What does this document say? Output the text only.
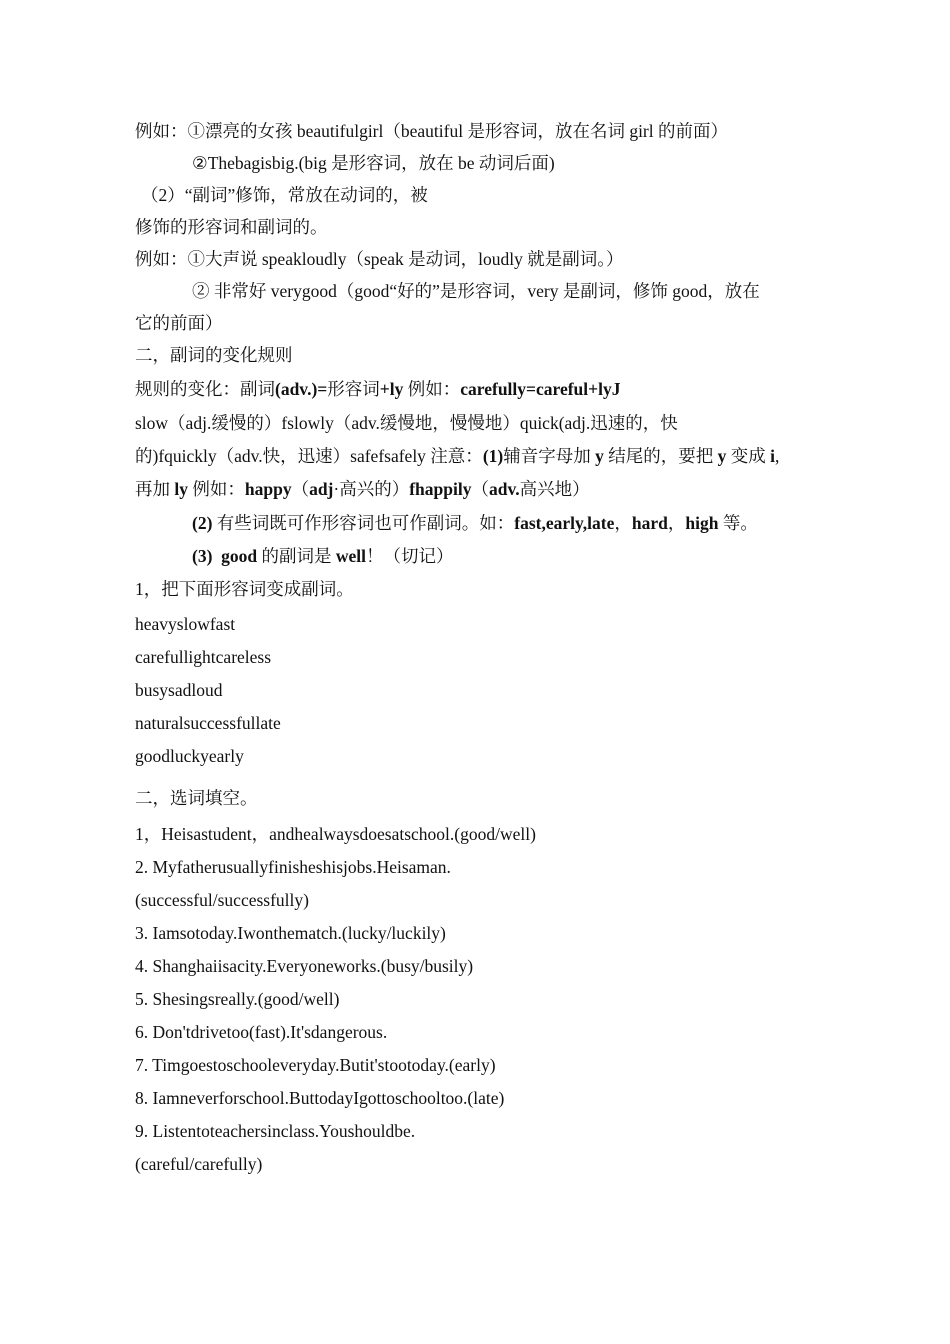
例如：①漂亮的女孩 beautifulgirl（beautiful 是形容词，放在名词 girl 的前面）
②Thebagisbig.(big 是形容词，放在 be 动词后面)
（2）“副词”修饰，常放在动词的，被
修饰的形容词和副词的。
例如：①大声说 speakloudly（speak 是动词，loudly 就是副词。）
② 非常好 verygood（good“好的”是形容词，very 是副词，修饰 good，放在
它的前面）
二，副词的变化规则
规则的变化：副词(adv.)=形容词+ly 例如：carefully=careful+lyJ
slow（adj.缓慢的）fslowly（adv.缓慢地，慢慢地）quick(adj.迅速的，快
的)fquickly（adv.快，迅速）safefsafely 注意：(1)辅音字母加 y 结尾的，要把 y 变成 i,
再加 ly 例如：happy（adj·高兴的）fhappily（adv.高兴地）
(2) 有些词既可作形容词也可作副词。如：fast,early,late，hard，high 等。
(3) good 的副词是 well！（切记）
1，把下面形容词变成副词。
heavyslowfast
carefullightcareless
busysadloud
naturalsuccessfullate
goodluckyearly
二，选词填空。
1，Heisastudent，andhealwaysdoesatschool.(good/well)
2. Myfatherusuallyfinisheshisjobs.Heisaman.
(successful/successfully)
3. Iamsotoday.Iwonthematch.(lucky/luckily)
4. Shanghaiisacity.Everyoneworks.(busy/busily)
5. Shesingsreally.(good/well)
6. Don'tdrivetoo(fast).It'sdangerous.
7. Timgoestoschooleveryday.Butit'stootoday.(early)
8. Iamneverforschool.ButtodayIgottoschooltoo.(late)
9. Listentoteachersinclass.Youshouldbe.
(careful/carefully)
